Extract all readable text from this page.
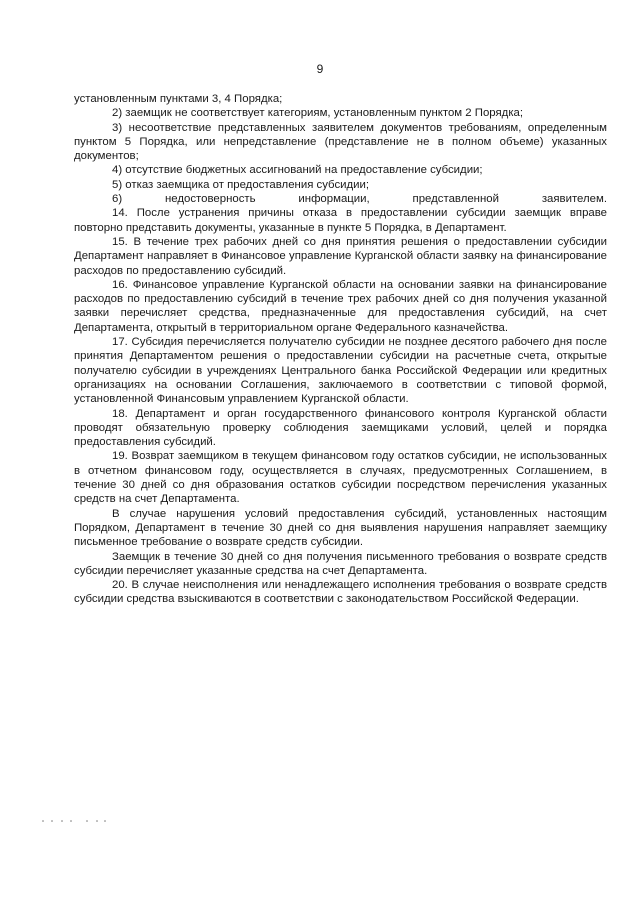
9

установленным пунктами 3, 4 Порядка;

2) заемщик не соответствует категориям, установленным пунктом 2 Порядка;

3) несоответствие представленных заявителем документов требованиям, определенным пунктом 5 Порядка, или непредставление (представление не в полном объеме) указанных документов;

4) отсутствие бюджетных ассигнований на предоставление субсидии;

5) отказ заемщика от предоставления субсидии;

6) недостоверность информации, представленной заявителем.

14. После устранения причины отказа в предоставлении субсидии заемщик вправе повторно представить документы, указанные в пункте 5 Порядка, в Департамент.

15. В течение трех рабочих дней со дня принятия решения о предоставлении субсидии Департамент направляет в Финансовое управление Курганской области заявку на финансирование расходов по предоставлению субсидий.

16. Финансовое управление Курганской области на основании заявки на финансирование расходов по предоставлению субсидий в течение трех рабочих дней со дня получения указанной заявки перечисляет средства, предназначенные для предоставления субсидий, на счет Департамента, открытый в территориальном органе Федерального казначейства.

17. Субсидия перечисляется получателю субсидии не позднее десятого рабочего дня после принятия Департаментом решения о предоставлении субсидии на расчетные счета, открытые получателю субсидии в учреждениях Центрального банка Российской Федерации или кредитных организациях на основании Соглашения, заключаемого в соответствии с типовой формой, установленной Финансовым управлением Курганской области.

18. Департамент и орган государственного финансового контроля Курганской области проводят обязательную проверку соблюдения заемщиками условий, целей и порядка предоставления субсидий.

19. Возврат заемщиком в текущем финансовом году остатков субсидии, не использованных в отчетном финансовом году, осуществляется в случаях, предусмотренных Соглашением, в течение 30 дней со дня образования остатков субсидии посредством перечисления указанных средств на счет Департамента.

В случае нарушения условий предоставления субсидий, установленных настоящим Порядком, Департамент в течение 30 дней со дня выявления нарушения направляет заемщику письменное требование о возврате средств субсидии.

Заемщик в течение 30 дней со дня получения письменного требования о возврате средств субсидии перечисляет указанные средства на счет Департамента.

20. В случае неисполнения или ненадлежащего исполнения требования о возврате средств субсидии средства взыскиваются в соответствии с законодательством Российской Федерации.
